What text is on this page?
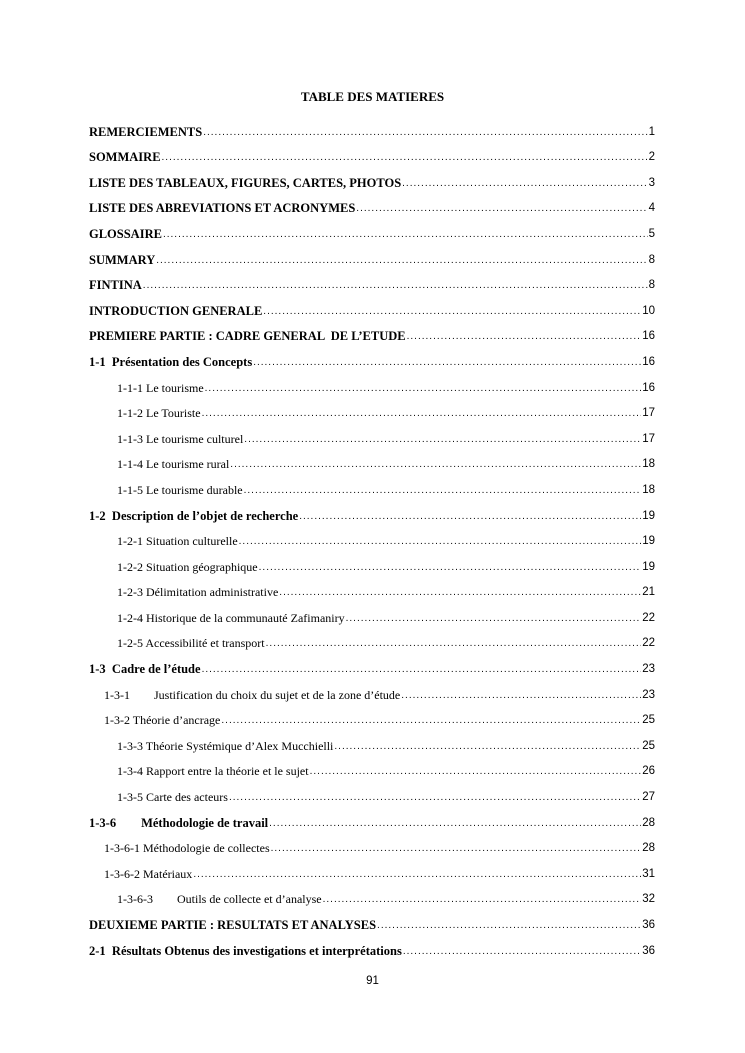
TABLE DES MATIERES
REMERCIEMENTS .....	1
SOMMAIRE .....	2
LISTE DES TABLEAUX, FIGURES, CARTES, PHOTOS .....	3
LISTE DES ABREVIATIONS ET ACRONYMES .....	4
GLOSSAIRE .....	5
SUMMARY .....	8
FINTINA .....	8
INTRODUCTION GENERALE .....	10
PREMIERE PARTIE : CADRE GENERAL  DE L’ETUDE .....	16
1-1  Présentation des Concepts .....	16
1-1-1 Le tourisme .....	16
1-1-2 Le Touriste .....	17
1-1-3 Le tourisme culturel .....	17
1-1-4 Le tourisme rural .....	18
1-1-5 Le tourisme durable .....	18
1-2  Description de l’objet de recherche .....	19
1-2-1 Situation culturelle .....	19
1-2-2 Situation géographique .....	19
1-2-3 Délimitation administrative .....	21
1-2-4 Historique de la communauté Zafimaniry .....	22
1-2-5 Accessibilité et transport .....	22
1-3  Cadre de l’étude .....	23
1-3-1        Justification du choix du sujet et de la zone d’étude .....	23
1-3-2 Théorie d’ancrage .....	25
1-3-3 Théorie Systémique d’Alex Mucchielli .....	25
1-3-4 Rapport entre la théorie et le sujet .....	26
1-3-5 Carte des acteurs .....	27
1-3-6        Méthodologie de travail .....	28
1-3-6-1 Méthodologie de collectes .....	28
1-3-6-2 Matériaux .....	31
1-3-6-3        Outils de collecte et d’analyse .....	32
DEUXIEME PARTIE : RESULTATS ET ANALYSES .....	36
2-1  Résultats Obtenus des investigations et interprétations .....	36
91
